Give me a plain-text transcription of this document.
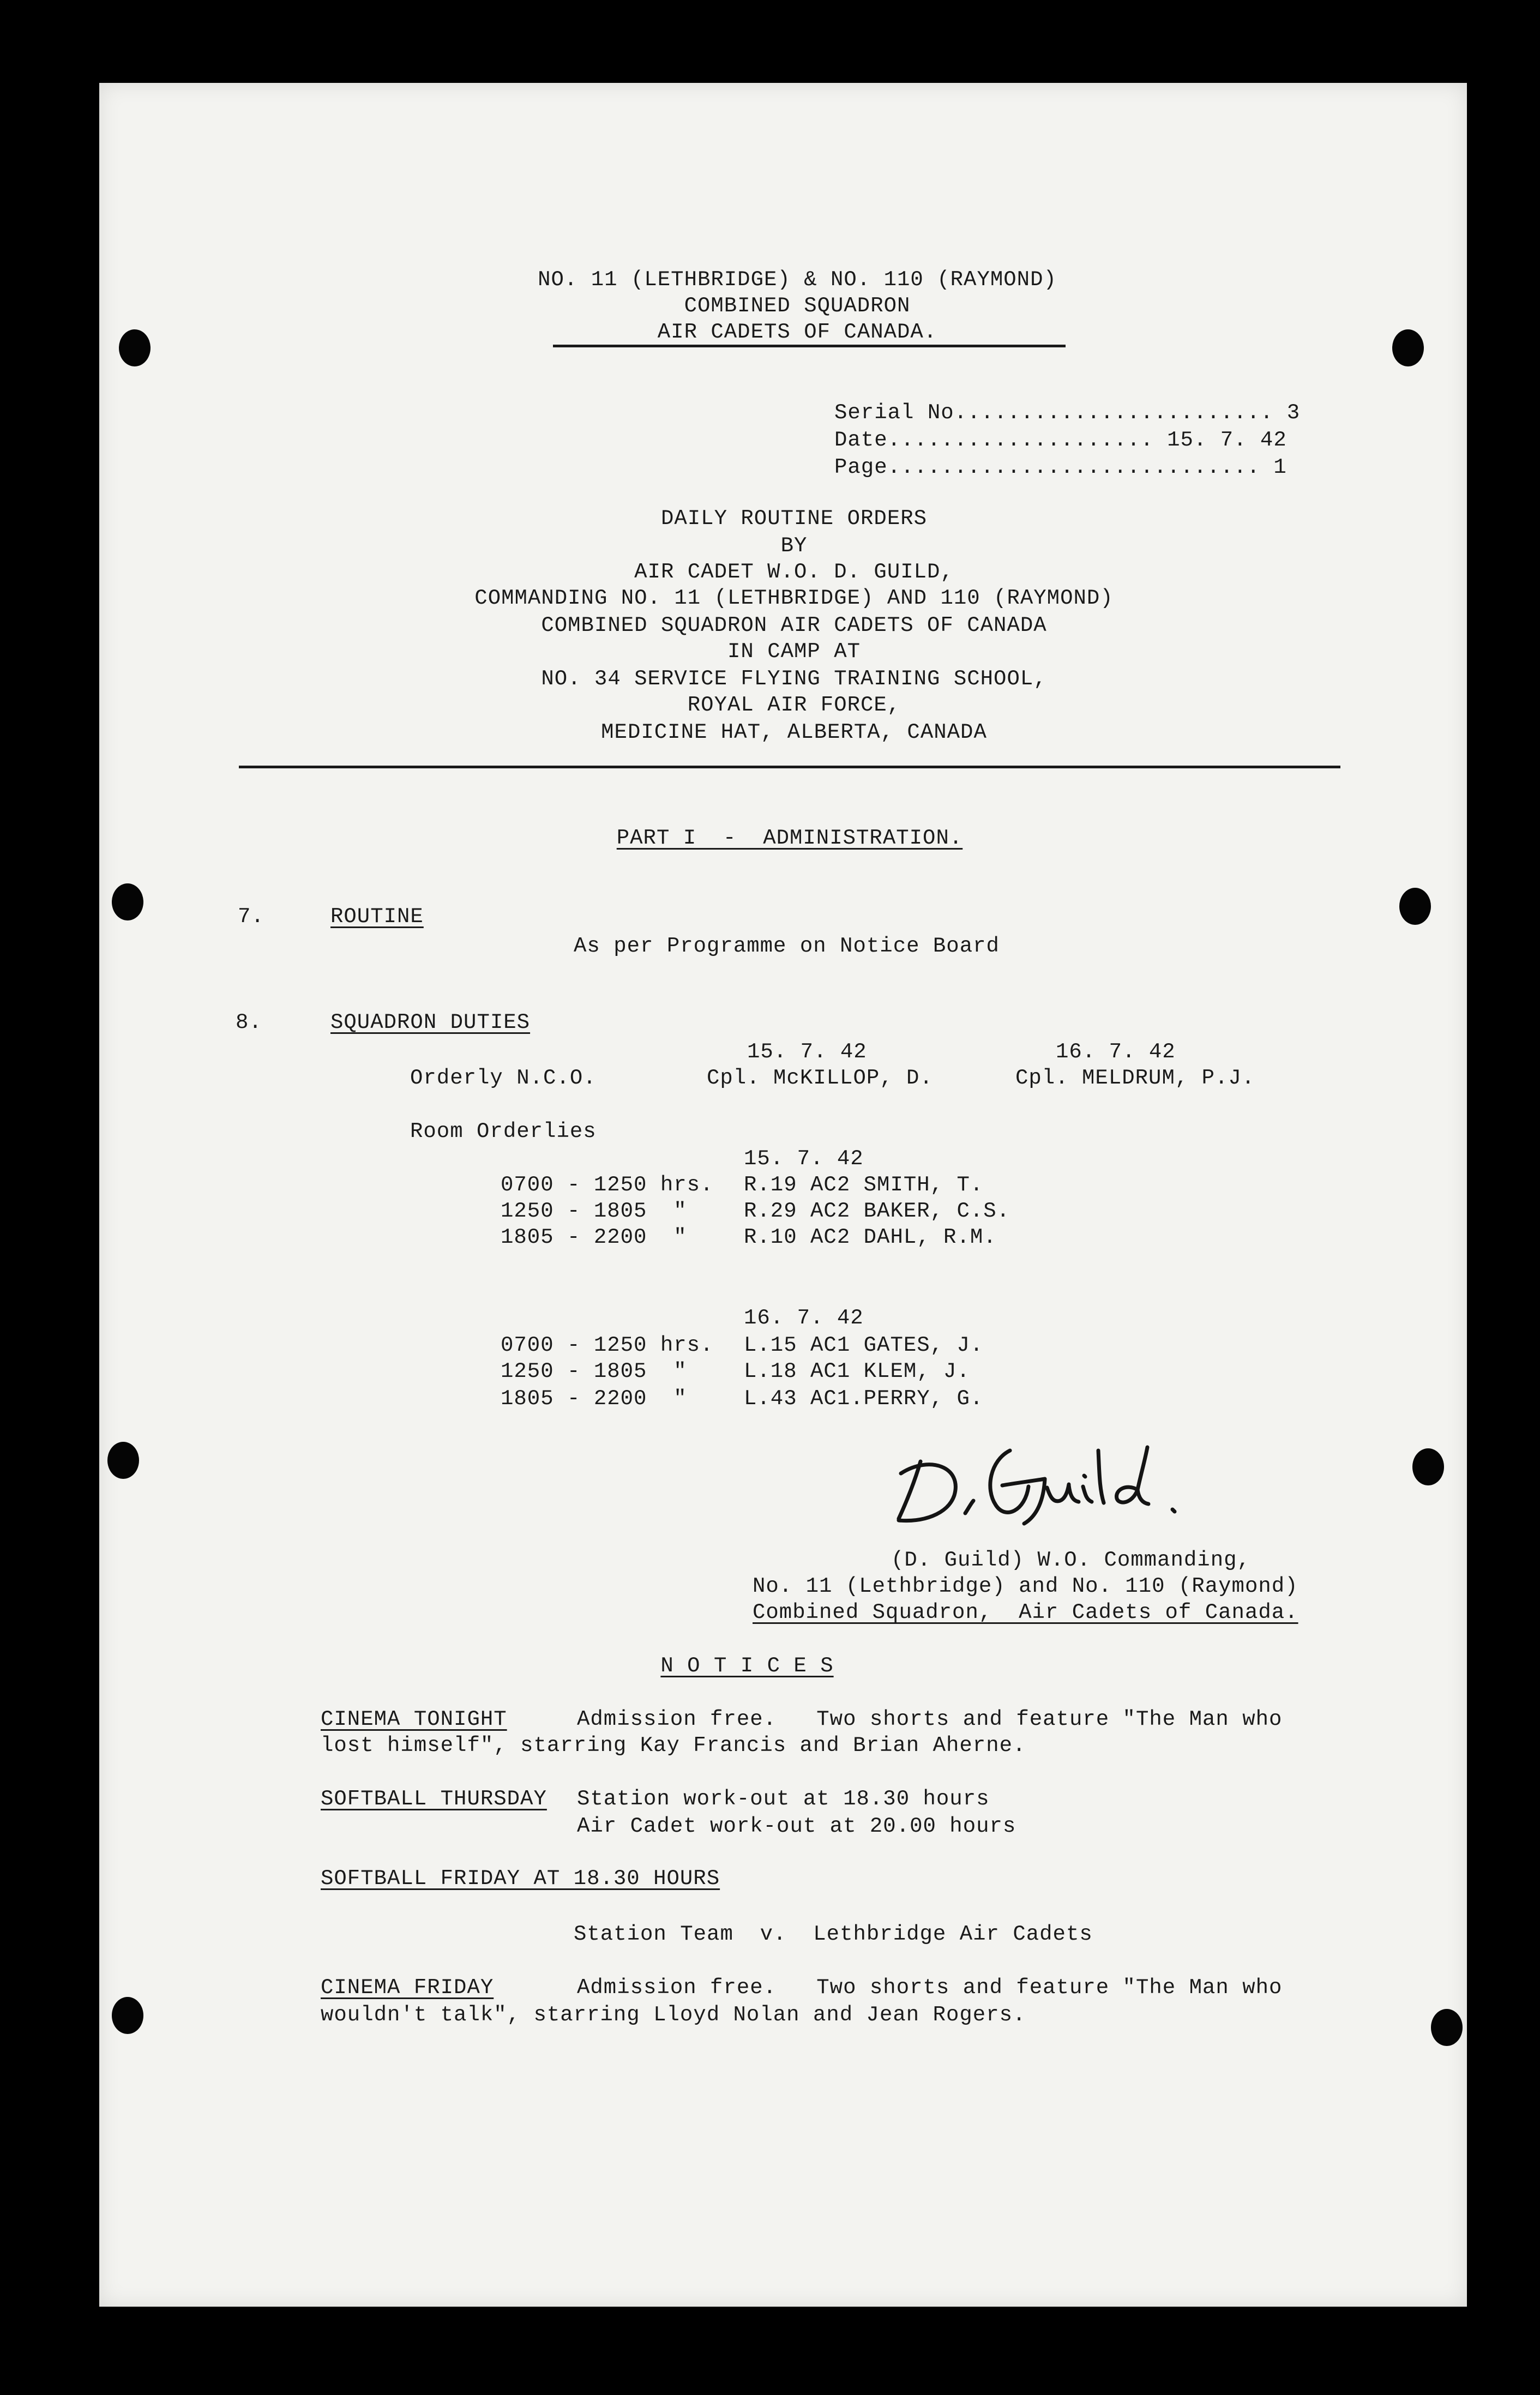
NO. 11 (LETHBRIDGE) & NO. 110 (RAYMOND)
COMBINED SQUADRON
AIR CADETS OF CANADA.
Serial No........................ 3
Date.................... 15. 7. 42
Page............................ 1
DAILY ROUTINE ORDERS
BY
AIR CADET W.O. D. GUILD,
COMMANDING NO. 11 (LETHBRIDGE) AND 110 (RAYMOND)
COMBINED SQUADRON AIR CADETS OF CANADA
IN CAMP AT
NO. 34 SERVICE FLYING TRAINING SCHOOL,
ROYAL AIR FORCE,
MEDICINE HAT, ALBERTA, CANADA
PART I  -  ADMINISTRATION.
7.	ROUTINE
As per Programme on Notice Board
8.	SQUADRON DUTIES
15. 7. 42	16. 7. 42
Orderly N.C.O.	Cpl. McKILLOP, D.	Cpl. MELDRUM, P.J.
Room Orderlies
15. 7. 42
0700 - 1250 hrs. R.19 AC2 SMITH, T.
1250 - 1805  "	R.29 AC2 BAKER, C.S.
1805 - 2200  "	R.10 AC2 DAHL, R.M.
16. 7. 42
0700 - 1250 hrs. L.15 AC1 GATES, J.
1250 - 1805  "	L.18 AC1 KLEM, J.
1805 - 2200  "	L.43 AC1.PERRY, G.
(D. Guild) W.O. Commanding,
No. 11 (Lethbridge) and No. 110 (Raymond)
Combined Squadron,  Air Cadets of Canada.
N O T I C E S
CINEMA TONIGHT	Admission free.   Two shorts and feature "The Man who
lost himself", starring Kay Francis and Brian Aherne.
SOFTBALL THURSDAY Station work-out at 18.30 hours
Air Cadet work-out at 20.00 hours
SOFTBALL FRIDAY AT 18.30 HOURS
Station Team  v.  Lethbridge Air Cadets
CINEMA FRIDAY	Admission free.   Two shorts and feature "The Man who
wouldn't talk", starring Lloyd Nolan and Jean Rogers.
